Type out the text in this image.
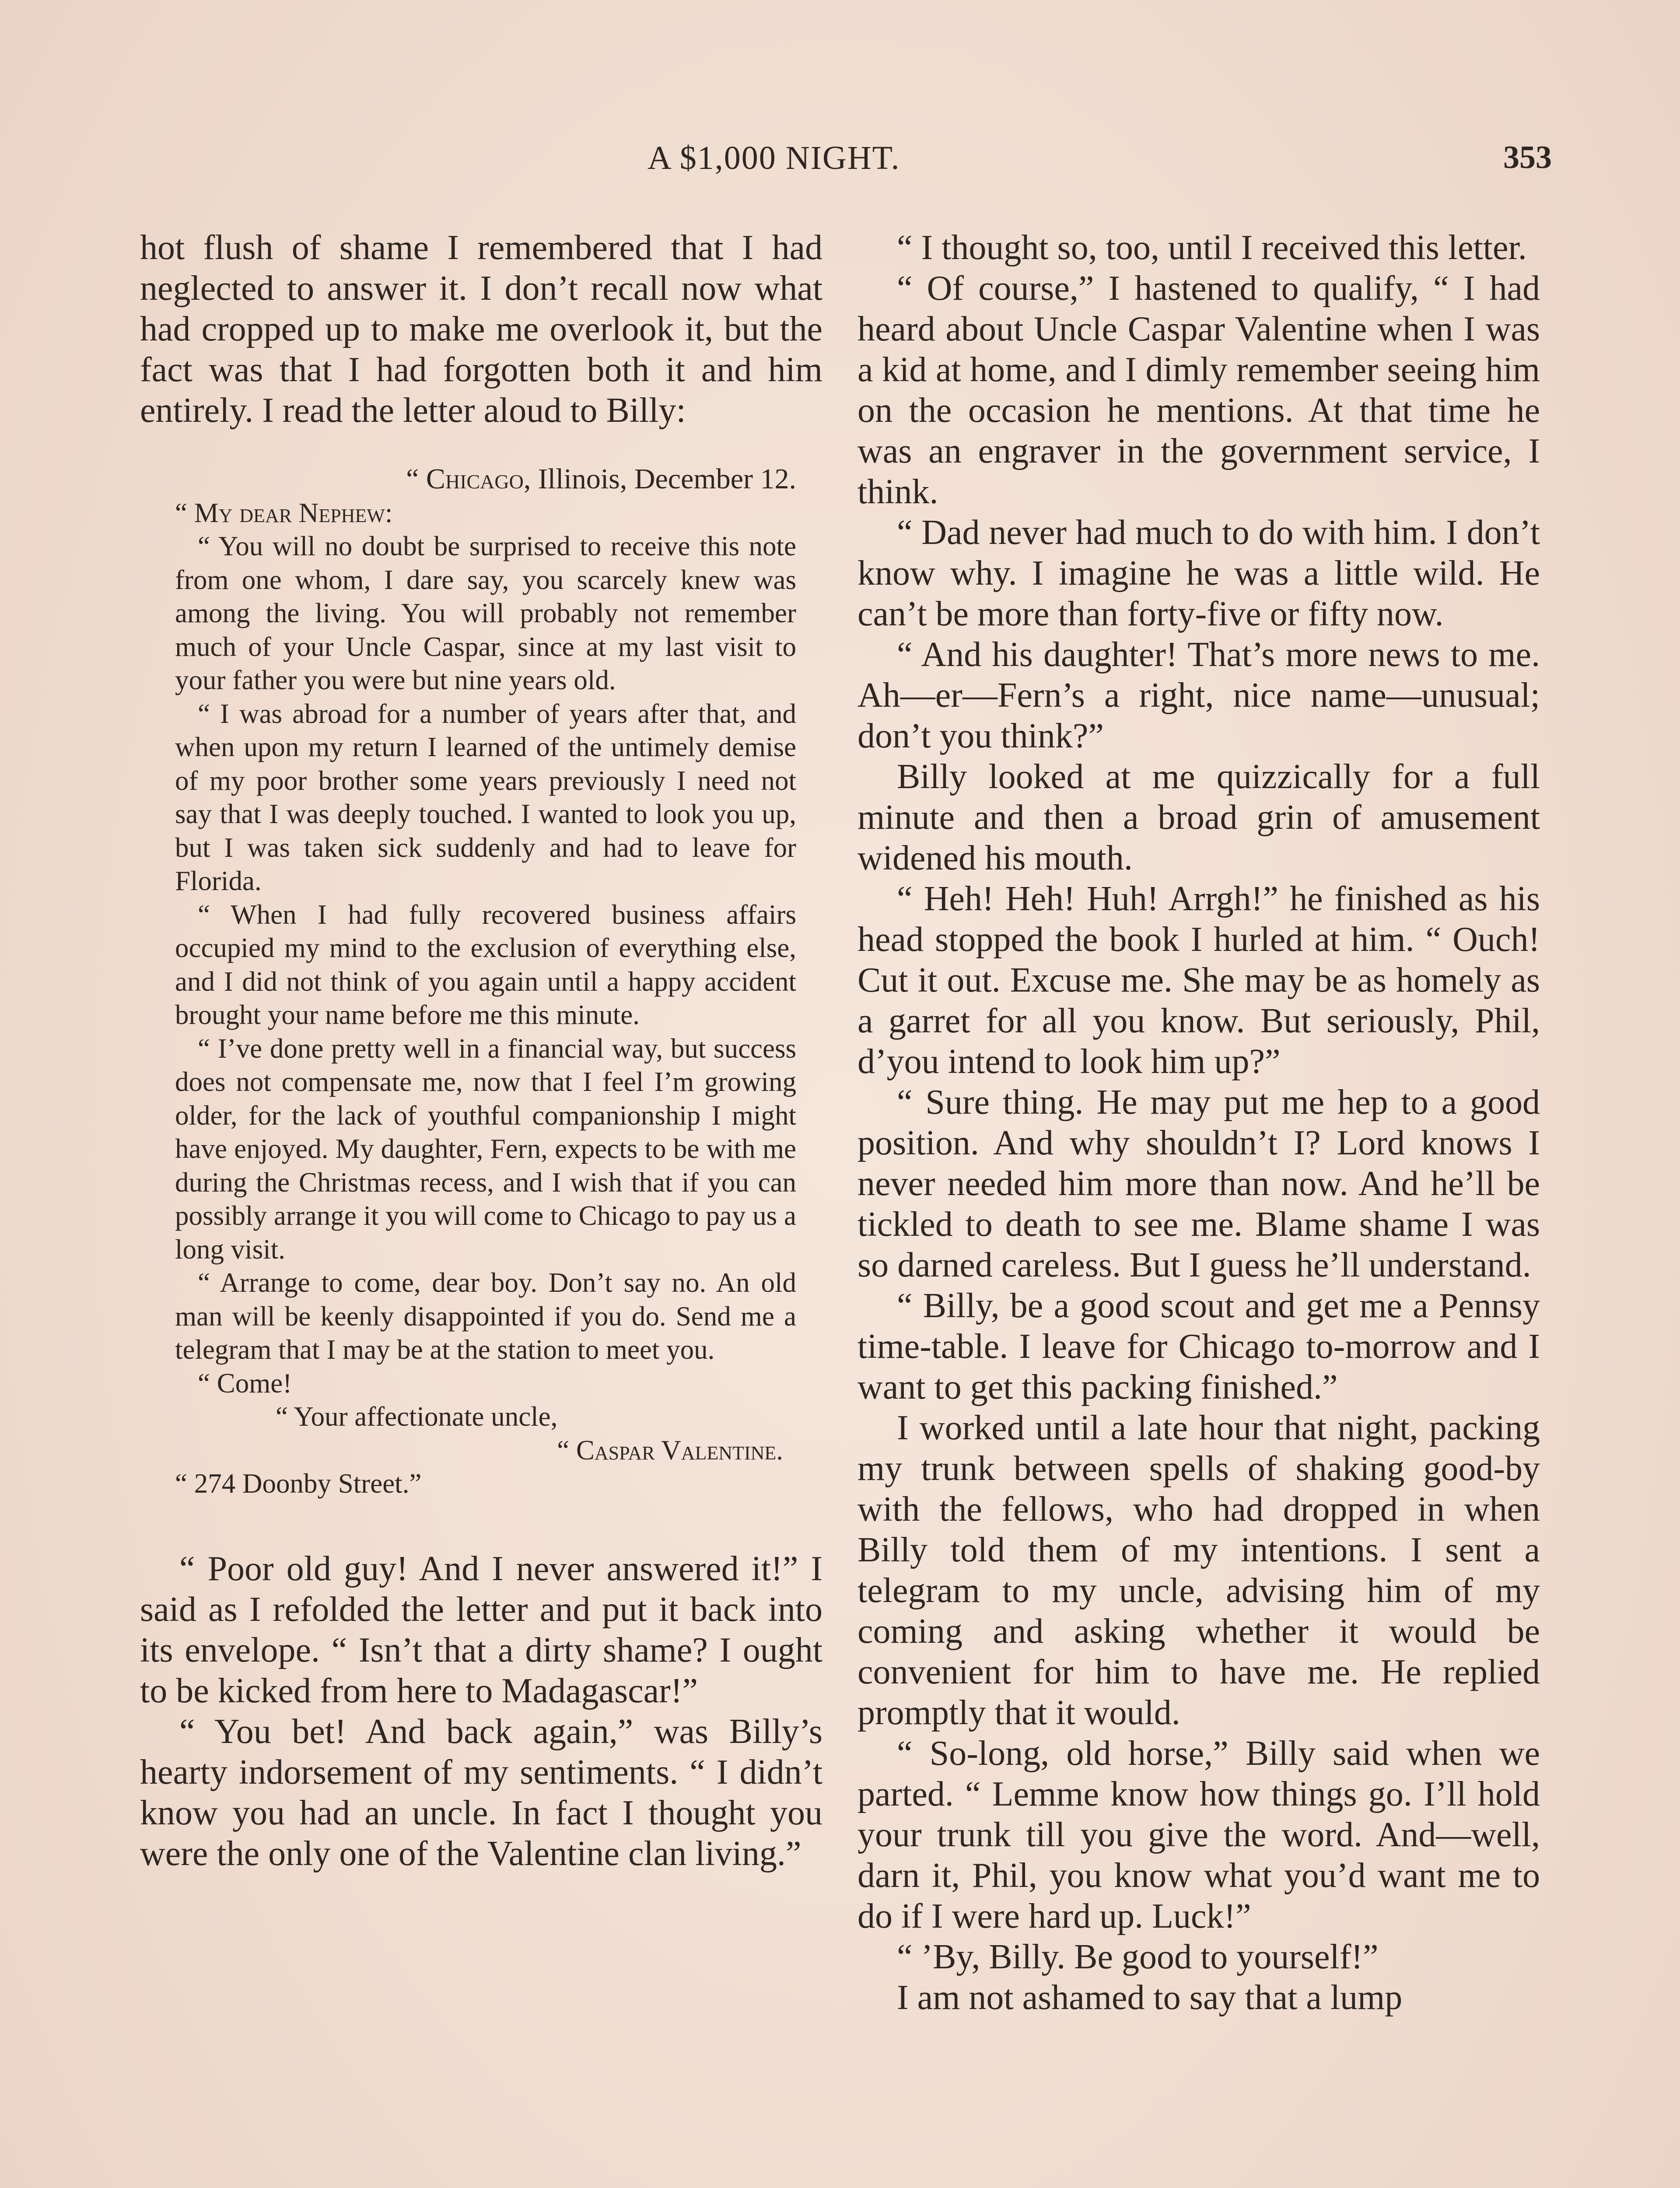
A $1,000 NIGHT.	353

hot flush of shame I remembered that I had neglected to answer it. I don’t recall now what had cropped up to make me overlook it, but the fact was that I had forgotten both it and him entirely. I read the letter aloud to Billy:

“ Chicago, Illinois, December 12.

“ My dear Nephew:

“ You will no doubt be surprised to receive this note from one whom, I dare say, you scarcely knew was among the living. You will probably not remember much of your Uncle Caspar, since at my last visit to your father you were but nine years old.

“ I was abroad for a number of years after that, and when upon my return I learned of the untimely demise of my poor brother some years previously I need not say that I was deeply touched. I wanted to look you up, but I was taken sick suddenly and had to leave for Florida.

“ When I had fully recovered business affairs occupied my mind to the exclusion of everything else, and I did not think of you again until a happy accident brought your name before me this minute.

“ I’ve done pretty well in a financial way, but success does not compensate me, now that I feel I’m growing older, for the lack of youthful companionship I might have enjoyed. My daughter, Fern, expects to be with me during the Christmas recess, and I wish that if you can possibly arrange it you will come to Chicago to pay us a long visit.

“ Arrange to come, dear boy. Don’t say no. An old man will be keenly disappointed if you do. Send me a telegram that I may be at the station to meet you.

“ Come!

“ Your affectionate uncle,

“ Caspar Valentine.

“ 274 Doonby Street.”

“ Poor old guy! And I never answered it!” I said as I refolded the letter and put it back into its envelope. “ Isn’t that a dirty shame? I ought to be kicked from here to Madagascar!”

“ You bet! And back again,” was Billy’s hearty indorsement of my sentiments. “ I didn’t know you had an uncle. In fact I thought you were the only one of the Valentine clan living.”

“ I thought so, too, until I received this letter.

“ Of course,” I hastened to qualify, “ I had heard about Uncle Caspar Valentine when I was a kid at home, and I dimly remember seeing him on the occasion he mentions. At that time he was an engraver in the government service, I think.

“ Dad never had much to do with him. I don’t know why. I imagine he was a little wild. He can’t be more than forty-five or fifty now.

“ And his daughter! That’s more news to me. Ah—er—Fern’s a right, nice name—unusual; don’t you think?”

Billy looked at me quizzically for a full minute and then a broad grin of amusement widened his mouth.

“ Heh! Heh! Huh! Arrgh!” he finished as his head stopped the book I hurled at him. “ Ouch! Cut it out. Excuse me. She may be as homely as a garret for all you know. But seriously, Phil, d’you intend to look him up?”

“ Sure thing. He may put me hep to a good position. And why shouldn’t I? Lord knows I never needed him more than now. And he’ll be tickled to death to see me. Blame shame I was so darned careless. But I guess he’ll understand.

“ Billy, be a good scout and get me a Pennsy time-table. I leave for Chicago to-morrow and I want to get this packing finished.”

I worked until a late hour that night, packing my trunk between spells of shaking good-by with the fellows, who had dropped in when Billy told them of my intentions. I sent a telegram to my uncle, advising him of my coming and asking whether it would be convenient for him to have me. He replied promptly that it would.

“ So-long, old horse,” Billy said when we parted. “ Lemme know how things go. I’ll hold your trunk till you give the word. And—well, darn it, Phil, you know what you’d want me to do if I were hard up. Luck!”

“ ’By, Billy. Be good to yourself!”

I am not ashamed to say that a lump
